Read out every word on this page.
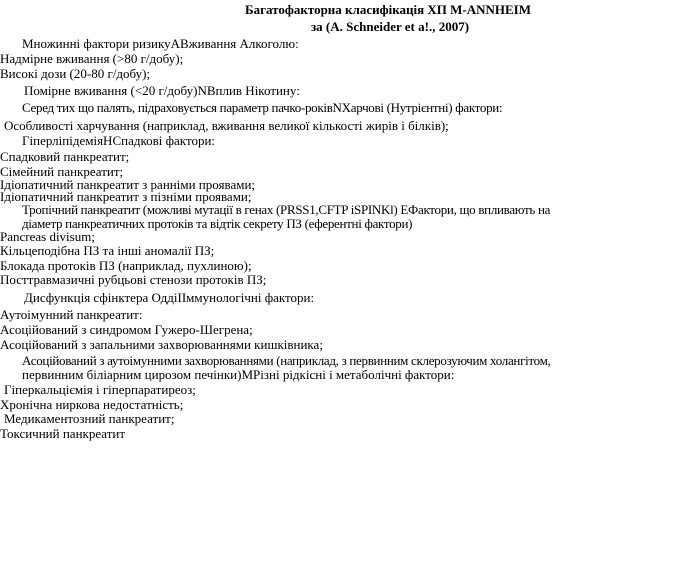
Багатофакторна класифікація ХП M-ANNHEIM
за (A. Schneider et a!., 2007)
Множинні фактори ризикуАВживання Алкоголю:
Надмірне вживання (>80 г/добу);
Високі дози (20-80 г/добу);
Помірне вживання (<20 г/добу)NВплив Нікотину:
Серед тих що палять, підраховується параметр пачко-роківNХарчові (Нутрієнтні) фактори:
Особливості харчування (наприклад, вживання великої кількості жирів і білків);
ГіперліпідеміяНСпадкові фактори:
Спадковий панкреатит;
Сімейний панкреатит;
Ідіопатичний панкреатит з ранніми проявами;
Ідіопатичний панкреатит з пізніми проявами;
Тропічний панкреатит (можливі мутації в генах (PRSS1,CFTP iSPINKl) ЕФактори, що впливають на
діаметр панкреатичних протоків та відтік секрету ПЗ (еферентні фактори)
Pancreas divisum;
Кільцеподібна ПЗ та інші аномалії ПЗ;
Блокада протоків ПЗ (наприклад, пухлиною);
Посттравмазичні рубцьові стенози протоків ПЗ;
Дисфункція сфінктера ОддіІІммунологічні фактори:
Аутоімунний панкреатит:
Асоційований з синдромом Гужеро-Шегрена;
Асоційований з запальними захворюваннями кишківника;
Асоційований з аутоімунними захворюваннями (наприклад, з первинним склерозуючим холангітом,
первинним біліарним цирозом печінки)МРізні рідкісні і метаболічні фактори:
Гіперкальціємія і гіперпаратиреоз;
Хронічна ниркова недостатність;
Медикаментозний панкреатит;
Токсичний панкреатит
